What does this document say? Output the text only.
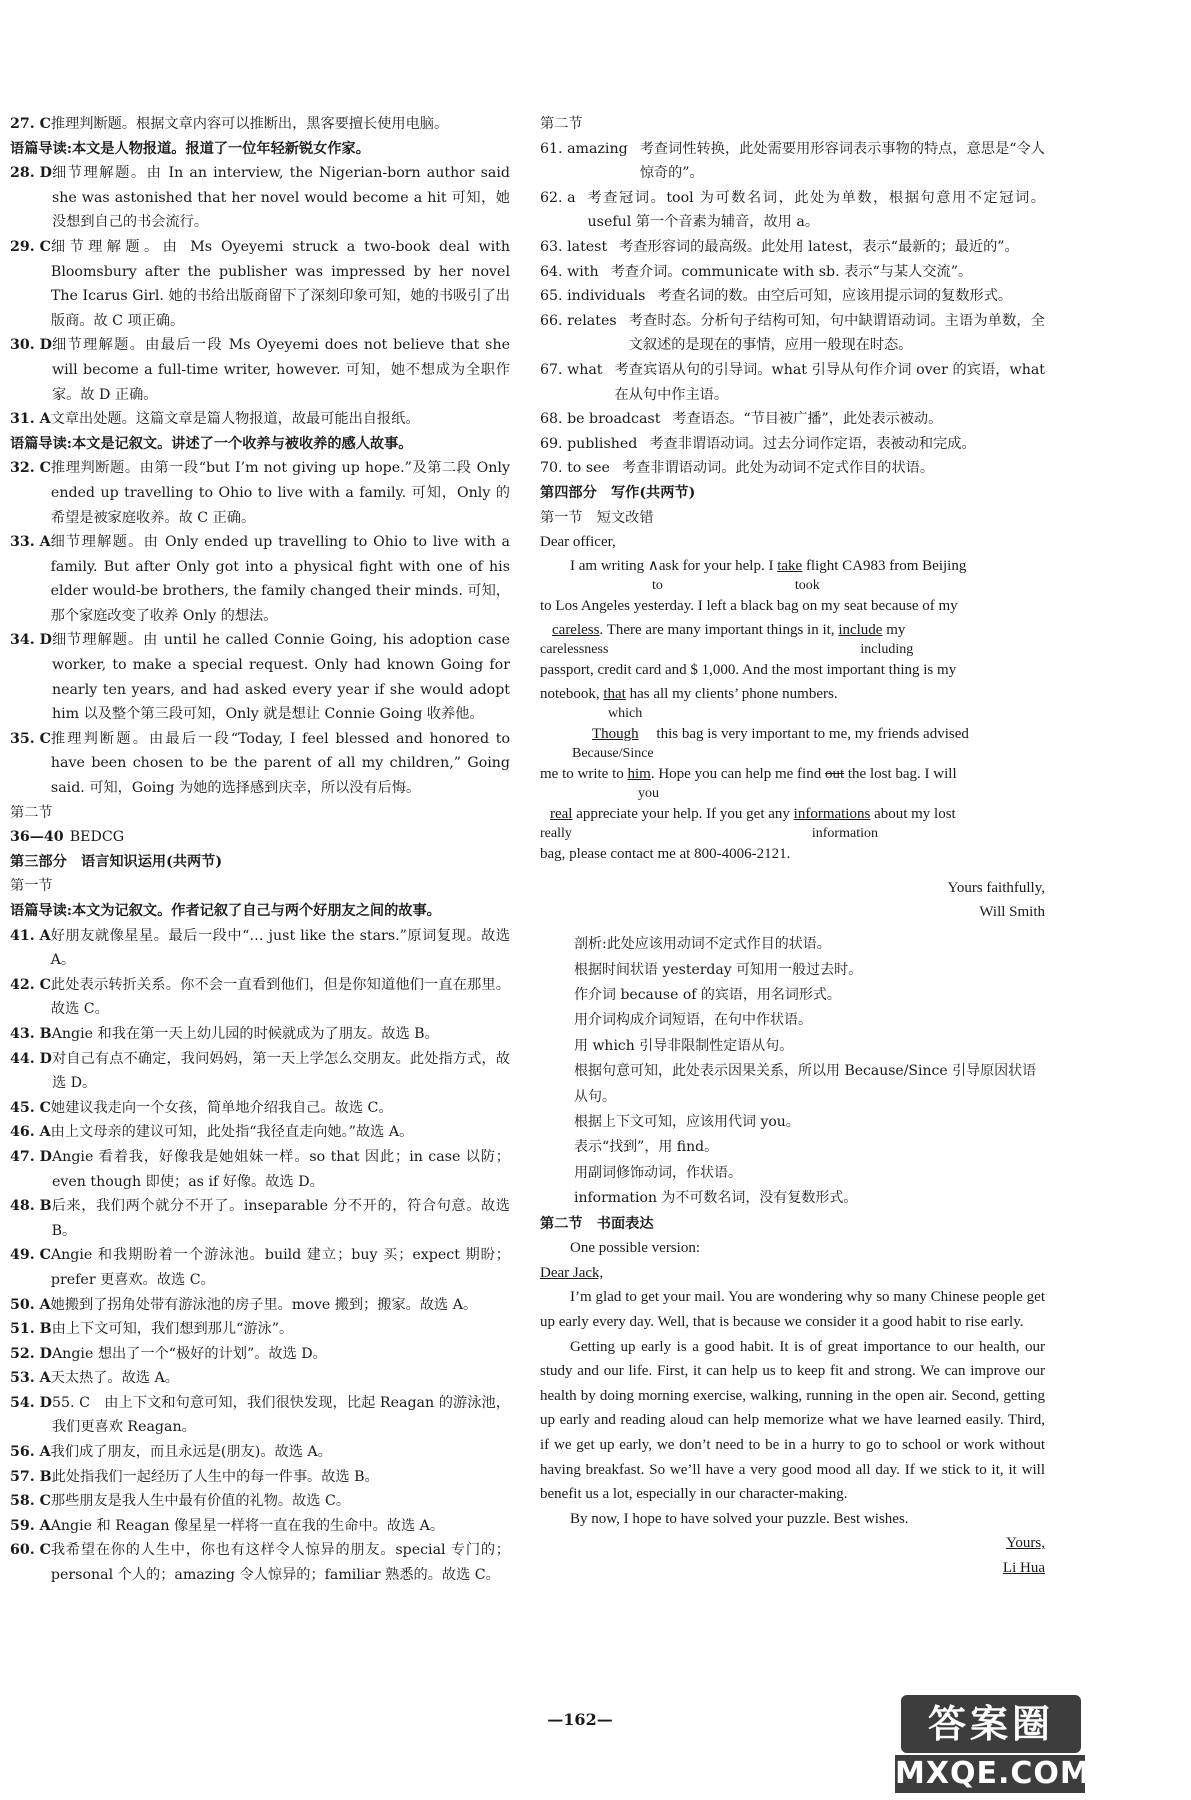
27. C 推理判断题。根据文章内容可以推断出，黑客要擅长使用电脑。
语篇导读:本文是人物报道。报道了一位年轻新锐女作家。
28. D 细节理解题。由 In an interview, the Nigerian-born author said she was astonished that her novel would become a hit 可知，她没想到自己的书会流行。
29. C 细节理解题。由 Ms Oyeyemi struck a two-book deal with Bloomsbury after the publisher was impressed by her novel The Icarus Girl. 她的书给出版商留下了深刻印象可知，她的书吸引了出版商。故 C 项正确。
30. D 细节理解题。由最后一段 Ms Oyeyemi does not believe that she will become a full-time writer, however. 可知，她不想成为全职作家。故 D 正确。
31. A 文章出处题。这篇文章是篇人物报道，故最可能出自报纸。
语篇导读:本文是记叙文。讲述了一个收养与被收养的感人故事。
32. C 推理判断题。由第一段“but I’m not giving up hope.”及第二段 Only ended up travelling to Ohio to live with a family. 可知，Only 的希望是被家庭收养。故 C 正确。
33. A 细节理解题。由 Only ended up travelling to Ohio to live with a family. But after Only got into a physical fight with one of his elder would-be brothers, the family changed their minds. 可知，那个家庭改变了收养 Only 的想法。
34. D 细节理解题。由 until he called Connie Going, his adoption case worker, to make a special request. Only had known Going for nearly ten years, and had asked every year if she would adopt him 以及整个第三段可知，Only 就是想让 Connie Going 收养他。
35. C 推理判断题。由最后一段“Today, I feel blessed and honored to have been chosen to be the parent of all my children,” Going said. 可知，Going 为她的选择感到庆幸，所以没有后悔。
第二节
36—40 BEDCG
第三部分　语言知识运用(共两节)
第一节
语篇导读:本文为记叙文。作者记叙了自己与两个好朋友之间的故事。
41. A 好朋友就像星星。最后一段中“… just like the stars.”原词复现。故选 A。
42. C 此处表示转折关系。你不会一直看到他们，但是你知道他们一直在那里。故选 C。
43. B Angie 和我在第一天上幼儿园的时候就成为了朋友。故选 B。
44. D 对自己有点不确定，我问妈妈，第一天上学怎么交朋友。此处指方式，故选 D。
45. C 她建议我走向一个女孩，简单地介绍我自己。故选 C。
46. A 由上文母亲的建议可知，此处指“我径直走向她。”故选 A。
47. D Angie 看着我，好像我是她姐妹一样。so that 因此；in case 以防；even though 即使；as if 好像。故选 D。
48. B 后来，我们两个就分不开了。inseparable 分不开的，符合句意。故选 B。
49. C Angie 和我期盼着一个游泳池。build 建立；buy 买；expect 期盼；prefer 更喜欢。故选 C。
50. A 她搬到了拐角处带有游泳池的房子里。move 搬到；搬家。故选 A。
51. B 由上下文可知，我们想到那儿“游泳”。
52. D Angie 想出了一个“极好的计划”。故选 D。
53. A 天太热了。故选 A。
54. D 55. C　由上下文和句意可知，我们很快发现，比起 Reagan 的游泳池，我们更喜欢 Reagan。
56. A 我们成了朋友，而且永远是(朋友)。故选 A。
57. B 此处指我们一起经历了人生中的每一件事。故选 B。
58. C 那些朋友是我人生中最有价值的礼物。故选 C。
59. A Angie 和 Reagan 像星星一样将一直在我的生命中。故选 A。
60. C 我希望在你的人生中，你也有这样令人惊异的朋友。special 专门的；personal 个人的；amazing 令人惊异的；familiar 熟悉的。故选 C。
第二节
61. amazing 考查词性转换，此处需要用形容词表示事物的特点，意思是“令人惊奇的”。
62. a 考查冠词。tool 为可数名词，此处为单数，根据句意用不定冠词。useful 第一个音素为辅音，故用 a。
63. latest 考查形容词的最高级。此处用 latest，表示“最新的；最近的”。
64. with 考查介词。communicate with sb. 表示“与某人交流”。
65. individuals 考查名词的数。由空后可知，应该用提示词的复数形式。
66. relates 考查时态。分析句子结构可知，句中缺谓语动词。主语为单数，全文叙述的是现在的事情，应用一般现在时态。
67. what 考查宾语从句的引导词。what 引导从句作介词 over 的宾语，what 在从句中作主语。
68. be broadcast 考查语态。“节目被广播”，此处表示被动。
69. published 考查非谓语动词。过去分词作定语，表被动和完成。
70. to see 考查非谓语动词。此处为动词不定式作目的状语。
第四部分　写作(共两节)
第一节　短文改错
Dear officer,
I am writing ∧ask for your help. I take flight CA983 from Beijing
to	took
to Los Angeles yesterday. I left a black bag on my seat because of my
careless. There are many important things in it, include my
carelessness	including
passport, credit card and $ 1,000. And the most important thing is my
notebook, that has all my clients’ phone numbers.
which
Though this bag is very important to me, my friends advised
Because/Since
me to write to him. Hope you can help me find out the lost bag. I will
you
real appreciate your help. If you get any informations about my lost
really	information
bag, please contact me at 800-4006-2121.
Yours faithfully,
Will Smith
剖析:此处应该用动词不定式作目的状语。
根据时间状语 yesterday 可知用一般过去时。
作介词 because of 的宾语，用名词形式。
用介词构成介词短语，在句中作状语。
用 which 引导非限制性定语从句。
根据句意可知，此处表示因果关系，所以用 Because/Since 引导原因状语从句。
根据上下文可知，应该用代词 you。
表示“找到”，用 find。
用副词修饰动词，作状语。
information 为不可数名词，没有复数形式。
第二节　书面表达

One possible version:

Dear Jack,

I’m glad to get your mail. You are wondering why so many Chinese people get up early every day. Well, that is because we consider it a good habit to rise early.

Getting up early is a good habit. It is of great importance to our health, our study and our life. First, it can help us to keep fit and strong. We can improve our health by doing morning exercise, walking, running in the open air. Second, getting up early and reading aloud can help memorize what we have learned easily. Third, if we get up early, we don’t need to be in a hurry to go to school or work without having breakfast. So we’ll have a very good mood all day. If we stick to it, it will benefit us a lot, especially in our character-making.

By now, I hope to have solved your puzzle. Best wishes.

Yours,
Li Hua
—162—	答案圈
MXQE.COM
